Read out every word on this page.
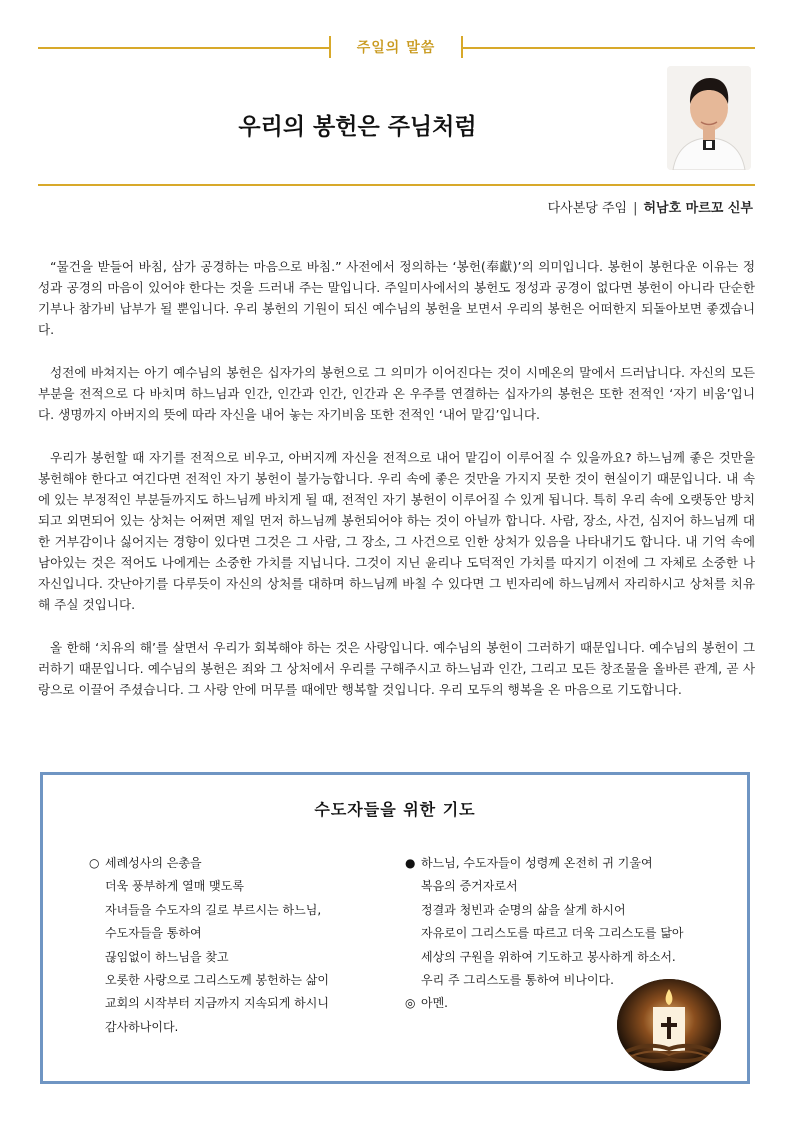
주일의 말씀
우리의 봉헌은 주님처럼
다사본당 주임 | 허남호 마르꼬 신부

“물건을 받들어 바침, 삼가 공경하는 마음으로 바침.” 사전에서 정의하는 ‘봉헌(奉獻)’의 의미입니다. 봉헌이 봉헌다운 이유는 정성과 공경의 마음이 있어야 한다는 것을 드러내 주는 말입니다. 주일미사에서의 봉헌도 정성과 공경이 없다면 봉헌이 아니라 단순한 기부나 참가비 납부가 될 뿐입니다. 우리 봉헌의 기원이 되신 예수님의 봉헌을 보면서 우리의 봉헌은 어떠한지 되돌아보면 좋겠습니다.

성전에 바쳐지는 아기 예수님의 봉헌은 십자가의 봉헌으로 그 의미가 이어진다는 것이 시메온의 말에서 드러납니다. 자신의 모든 부분을 전적으로 다 바치며 하느님과 인간, 인간과 인간, 인간과 온 우주를 연결하는 십자가의 봉헌은 또한 전적인 ‘자기 비움’입니다. 생명까지 아버지의 뜻에 따라 자신을 내어 놓는 자기비움 또한 전적인 ‘내어 맡김’입니다.

우리가 봉헌할 때 자기를 전적으로 비우고, 아버지께 자신을 전적으로 내어 맡김이 이루어질 수 있을까요? 하느님께 좋은 것만을 봉헌해야 한다고 여긴다면 전적인 자기 봉헌이 불가능합니다. 우리 속에 좋은 것만을 가지지 못한 것이 현실이기 때문입니다. 내 속에 있는 부정적인 부분들까지도 하느님께 바치게 될 때, 전적인 자기 봉헌이 이루어질 수 있게 됩니다. 특히 우리 속에 오랫동안 방치되고 외면되어 있는 상처는 어쩌면 제일 먼저 하느님께 봉헌되어야 하는 것이 아닐까 합니다. 사람, 장소, 사건, 심지어 하느님께 대한 거부감이나 싫어지는 경향이 있다면 그것은 그 사람, 그 장소, 그 사건으로 인한 상처가 있음을 나타내기도 합니다. 내 기억 속에 남아있는 것은 적어도 나에게는 소중한 가치를 지닙니다. 그것이 지닌 윤리나 도덕적인 가치를 따지기 이전에 그 자체로 소중한 나 자신입니다. 갓난아기를 다루듯이 자신의 상처를 대하며 하느님께 바칠 수 있다면 그 빈자리에 하느님께서 자리하시고 상처를 치유해 주실 것입니다.

올 한해 ‘치유의 해’를 살면서 우리가 회복해야 하는 것은 사랑입니다. 예수님의 봉헌이 그러하기 때문입니다. 예수님의 봉헌이 그러하기 때문입니다. 예수님의 봉헌은 죄와 그 상처에서 우리를 구해주시고 하느님과 인간, 그리고 모든 창조물을 올바른 관계, 곧 사랑으로 이끌어 주셨습니다. 그 사랑 안에 머무를 때에만 행복할 것입니다. 우리 모두의 행복을 온 마음으로 기도합니다.

수도자들을 위한 기도
○ 세례성사의 은총을
더욱 풍부하게 열매 맺도록
자녀들을 수도자의 길로 부르시는 하느님,
수도자들을 통하여
끊임없이 하느님을 찾고
오롯한 사랑으로 그리스도께 봉헌하는 삶이
교회의 시작부터 지금까지 지속되게 하시니
감사하나이다.
● 하느님, 수도자들이 성령께 온전히 귀 기울여
복음의 증거자로서
정결과 청빈과 순명의 삶을 살게 하시어
자유로이 그리스도를 따르고 더욱 그리스도를 닮아
세상의 구원을 위하여 기도하고 봉사하게 하소서.
우리 주 그리스도를 통하여 비나이다.
◎ 아멘.
